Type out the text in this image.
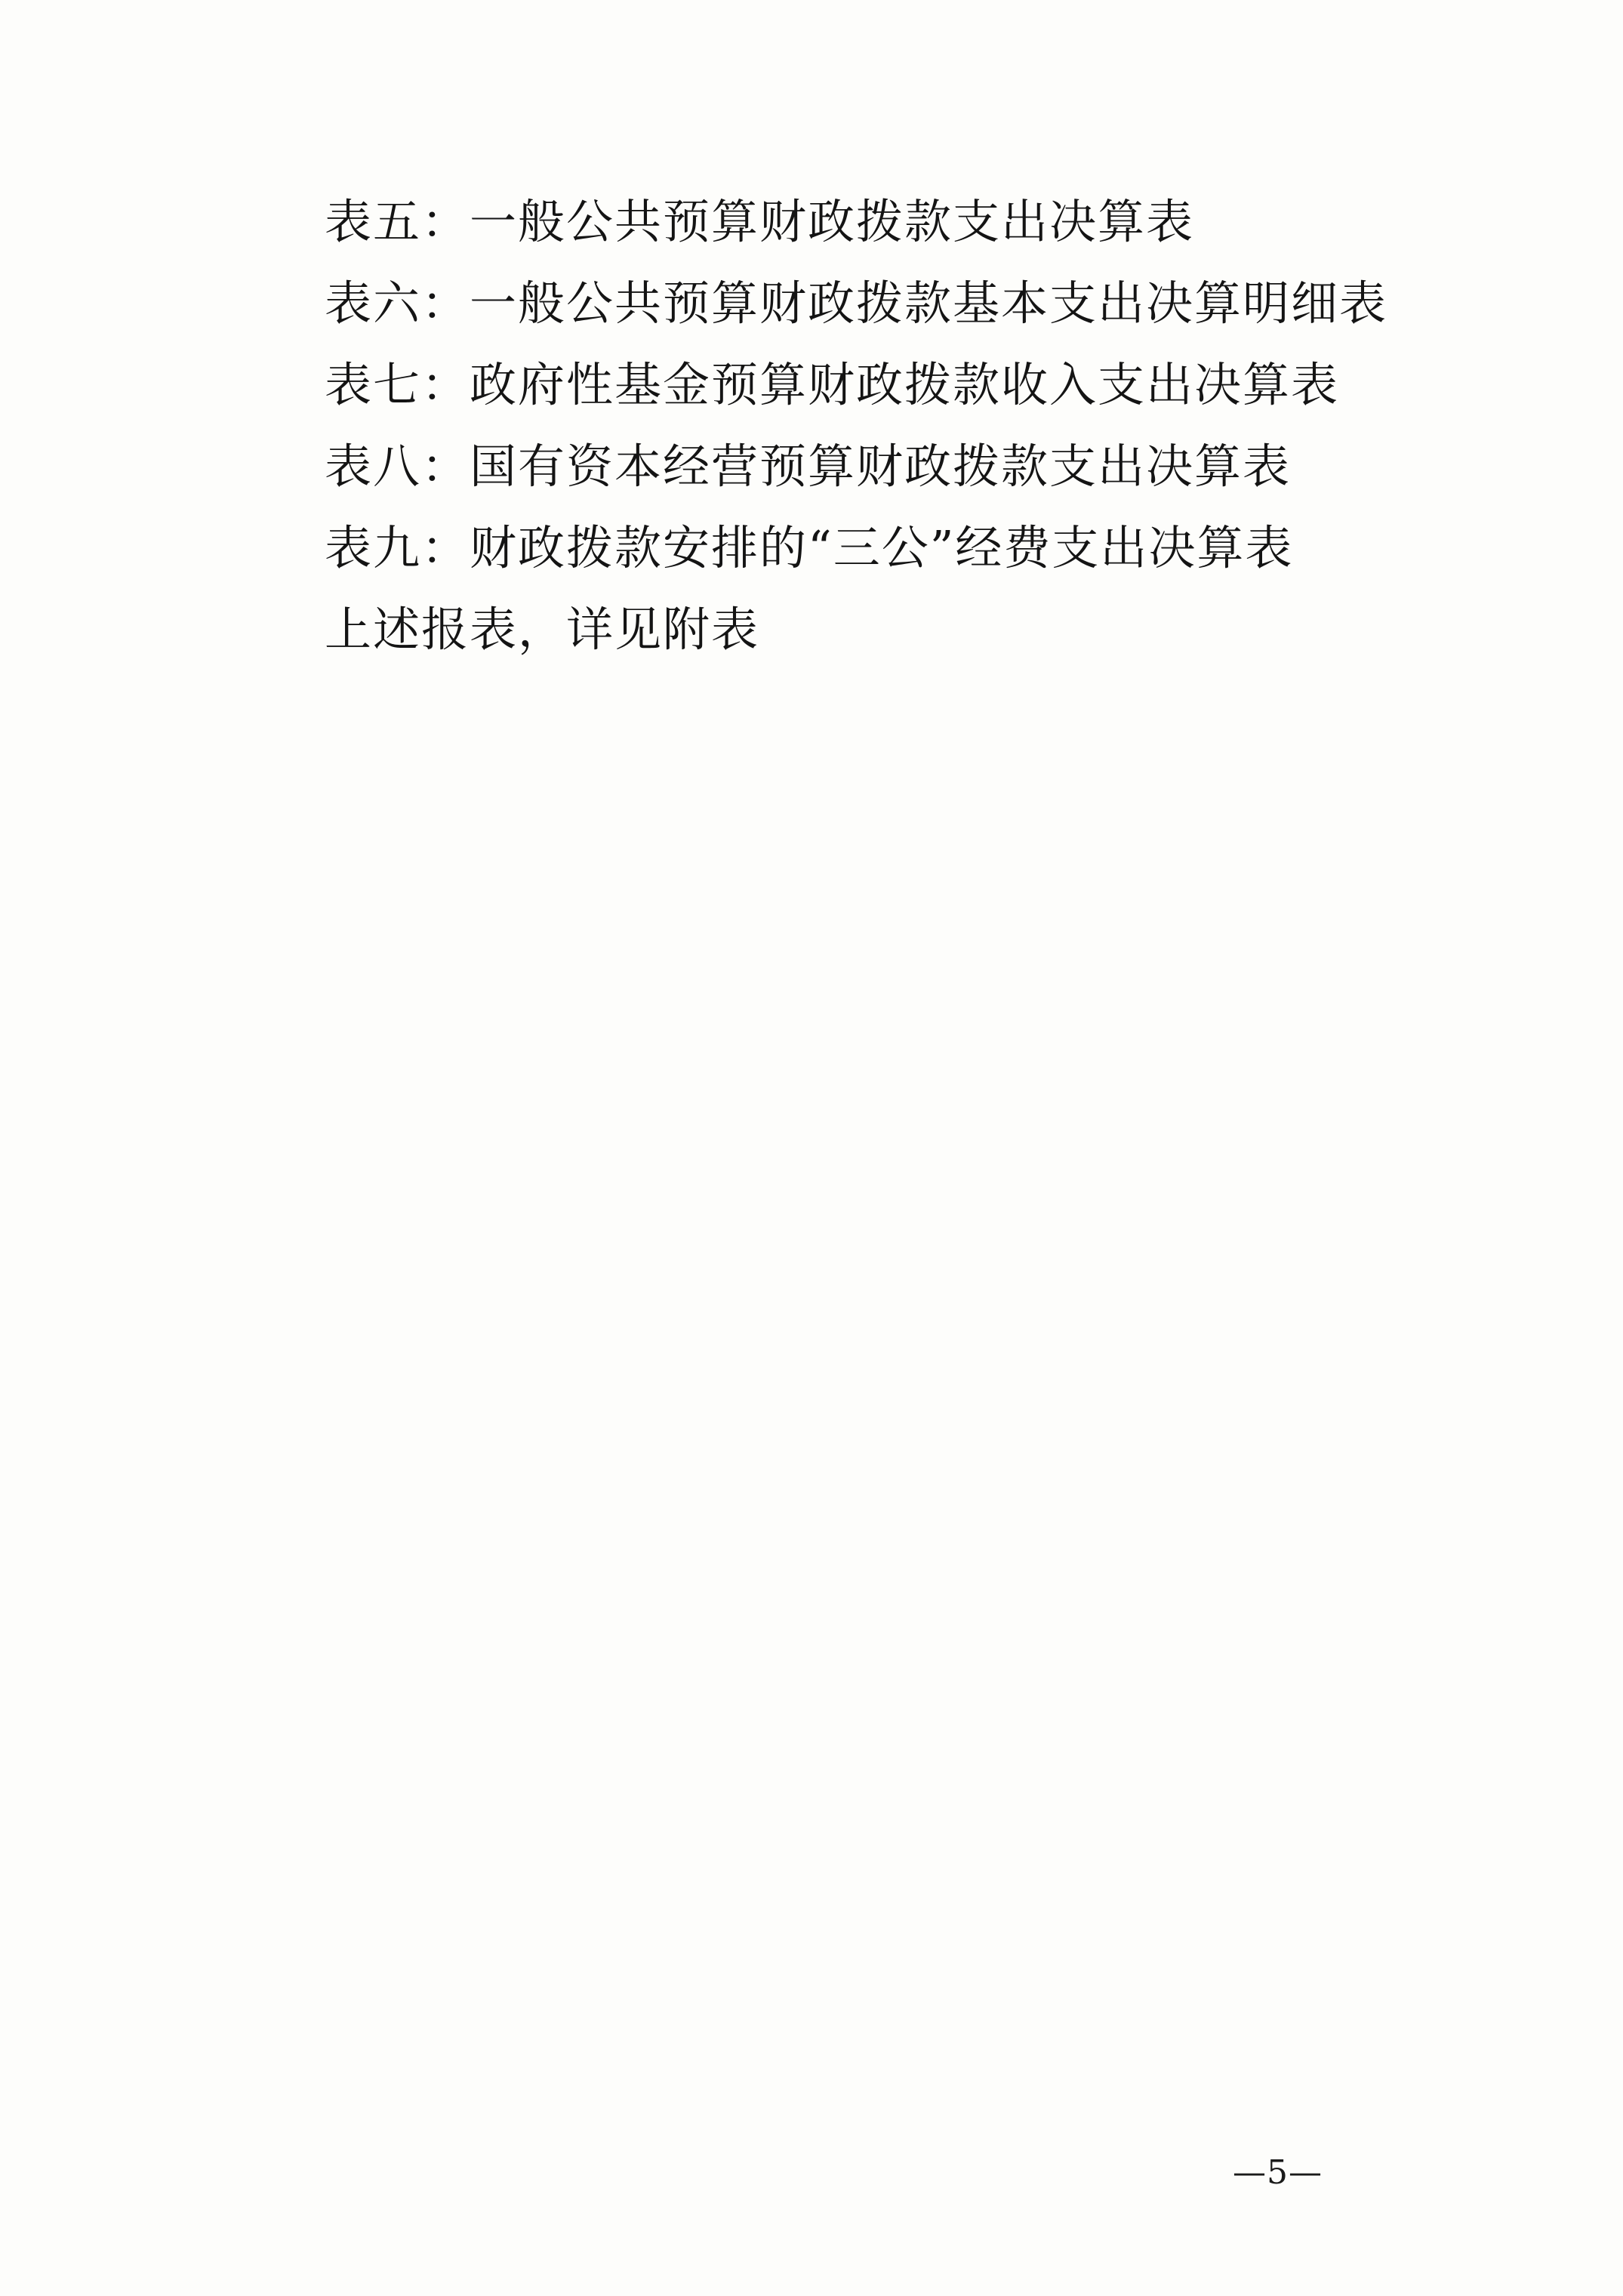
表五：一般公共预算财政拨款支出决算表
表六：一般公共预算财政拨款基本支出决算明细表
表七：政府性基金预算财政拨款收入支出决算表
表八：国有资本经营预算财政拨款支出决算表
表九：财政拨款安排的“三公”经费支出决算表
上述报表，详见附表
—5—
